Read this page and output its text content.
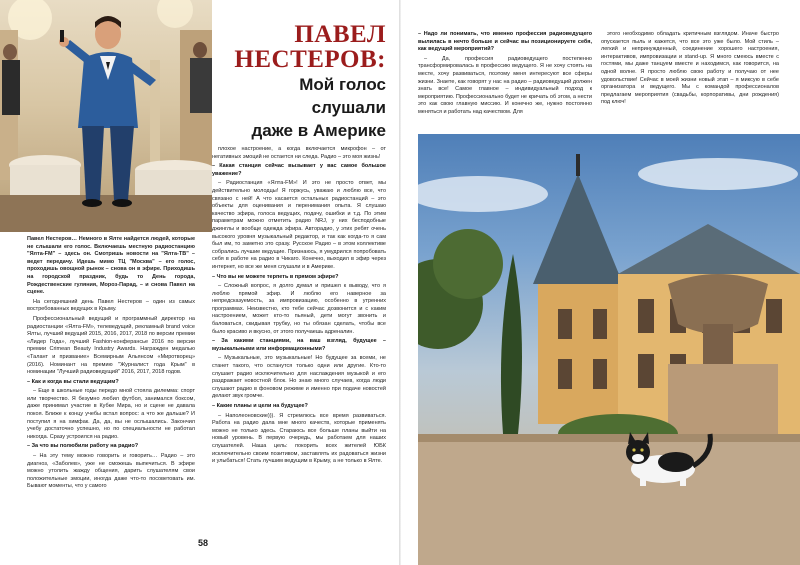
ПАВЕЛ
НЕСТЕРОВ:
Мой голос
слушали
даже в Америке

Павел Нестеров… Немного в Ялте найдется людей, которые не слышали его голос. Включаешь местную радиостанцию "Ялта-FM" – здесь он. Смотришь новости на "Ялта-ТВ" – ведет передачу. Идешь мимо ТЦ "Москва" – его голос, проходишь овощной рынок – снова он в эфире. Приходишь на городской праздник, будь то День города, Рождественские гуляния, Мороз-Парад, – и снова Павел на сцене.

На сегодняшний день Павел Нестеров – один из самых востребованных ведущих в Крыму.

Профессиональный ведущий и программный директор на радиостанции «Ялта-FM», телеведущий, рекламный brand voice Ялты, лучший ведущий 2015, 2016, 2017, 2018 по версии премии «Лидер Года», лучший Fashion-конферансье 2016 по версии премии Crimean Beauty Industry Awards. Награжден медалью «Талант и призвание» Всемирным Альянсом «Миротворец» (2016). Номинант на премию "Журналист года Крым" в номинации "Лучший радиоведущий" 2016, 2017, 2018 годов.

– Как и когда вы стали ведущим?

– Еще в школьные годы передо мной стояла дилемма: спорт или творчество. Я безумно любил футбол, занимался боксом, даже принимал участие в Кубке Мира, но и сцене не давала покоя. Ближе к концу учебы встал вопрос: а что же дальше? И поступил я на химфак. Да, да, вы не ослышались. Закончил учебу достаточно успешно, но по специальности не работал никогда. Сразу устроился на радио.

– За что вы полюбили работу на радио?

– На эту тему можно говорить и говорить… Радио – это диагноз, «Заболев», уже не сможешь выпечиться. В эфире можно утолить жажду общения, дарить слушателям свои положительные эмоции, иногда даже что-то посоветовать им. Бывают моменты, что у самого

плохое настроение, а когда включается микрофон – от негативных эмоций не остается ни следа. Радио – это моя жизнь!

– Какая станция сейчас вызывает у вас самое большое уважение?

– Радиостанция «Ялта-FM»! И это не просто ответ, мы действительно молодцы! Я горжусь, уважаю и люблю все, что связано с ней! А что касается остальных радиостанций – это объекты для оценивания и перенимания опыта. Я слушаю качество эфира, голоса ведущих, подачу, ошибки и т.д. По этим параметрам можно отметить радио NRJ, у них бесподобные джинглы и вообще одежда эфира. Авторадио, у этих ребят очень высокого уровня музыкальный редактор, и так как когда-то я сам был им, то заметно это сразу. Русское Радио – в этом коллективе собрались лучшие ведущие. Признаюсь, я умудрился попробовать себя в работе на радио в Чикаго. Конечно, выходил в эфир через интернет, но все же меня слушали и в Америке.

– Что вы не можете терпеть в прямом эфире?

– Сложный вопрос, я долго думал и пришел к выводу, что я люблю прямой эфир. И люблю его наверное за непредсказуемость, за импровизацию, особенно в утренних программах. Неизвестно, кто тебе сейчас дозвонится и с каким настроением, может кто-то пьяный, дети могут звонить и баловаться, скидывая трубку, но ты обязан сделать, чтобы все было красиво и вкусно, от этого получаешь адреналин.

– За какими станциями, на ваш взгляд, будущее – музыкальными или информационными?

– Музыкальные, это музыкальные! Но будущее за всеми, не станет такого, что останутся только одни или другие. Кто-то слушает радио исключительно для наслаждения музыкой и его раздражает новостной блок. Но знаю много случаев, когда люди слушают радио в фоновом режиме и именно при подаче новостей делают звук громче.

– Какие планы и цели на будущее?

– Наполеоновские))). Я стремлюсь все время развиваться. Работа на радио дала мне много качеств, которые применять можно не только здесь. Стараюсь все больше планы выйти на новый уровень. В первую очередь, мы работаем для наших слушателей. Наша цель: покорить всех жителей ЮБК исключительно своим позитивом, заставлять их радоваться жизни и улыбаться! Стать лучшим ведущим в Крыму, а не только в Ялте.

58

– Надо ли понимать, что именно профессия радиоведущего вылилась в нечто больше и сейчас вы позиционируете себя, как ведущий мероприятий?

– Да, профессия радиоведущего постепенно трансформировалась в профессию ведущего. Я не хочу стоять на месте, хочу развиваться, поэтому меня интересуют все сферы жизни. Знаете, как говорят у нас на радио – радиоведущий должен знать все! Самое главное – индивидуальный подход к мероприятию. Профессионально будет не кричать об этом, а нести это как свою главную миссию. И конечно же, нужно постоянно меняться и работать над качеством. Для

этого необходимо обладать критичным взглядом. Иначе быстро опускается пыль и кажется, что все это уже было. Мой стиль – легкий и непринужденный, соединение хорошего настроения, интерактивов, импровизации и stand-up. Я много смеюсь вместе с гостями, мы даже танцуем вместе и находимся, как говорится, на одной волне. Я просто люблю свою работу и получаю от нее удовольствие! Сейчас в моей жизни новый этап – я миксую в себе организатора и ведущего. Мы с командой профессионалов предлагаем мероприятия (свадьбы, корпоративы, дни рождения) под ключ!
